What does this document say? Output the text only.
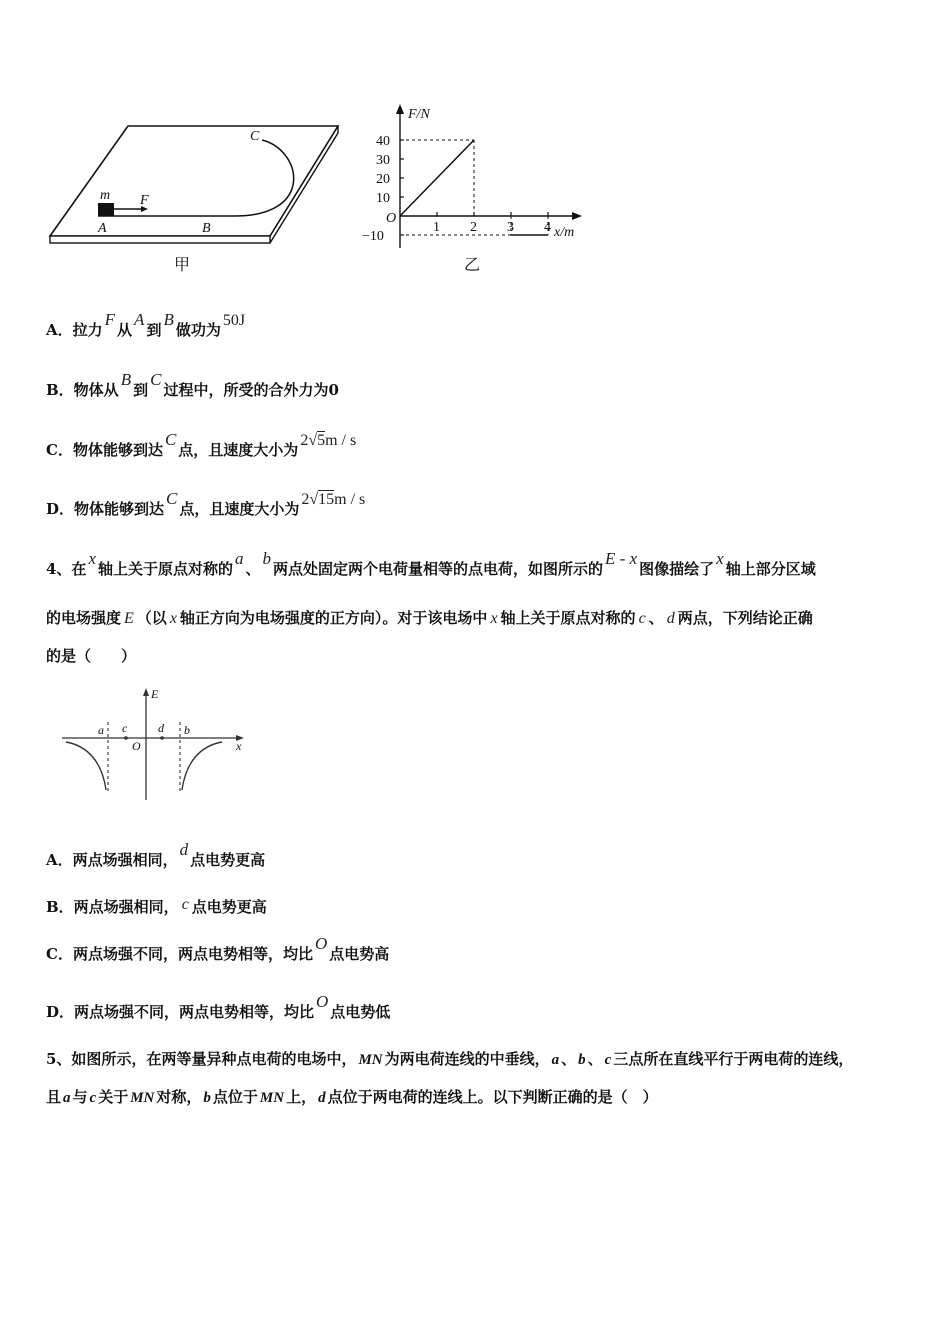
m F
A	B
C
甲
F/N
x/m
O
1 2 3 4
40
30
20
10
−10
乙
A．拉力F从A到B做功为50J
B．物体从B到C过程中，所受的合外力为0
C．物体能够到达C点，且速度大小为2√5m / s
D．物体能够到达C点，且速度大小为2√15m / s
4、在x轴上关于原点对称的a、b两点处固定两个电荷量相等的点电荷，如图所示的E - x图像描绘了x轴上部分区域
的电场强度 E （以 x 轴正方向为电场强度的正方向）。对于该电场中 x 轴上关于原点对称的 c 、 d 两点，下列结论正确
的是（　　）
E
x
O
a c	d b
A．两点场强相同，d点电势更高
B．两点场强相同， c 点电势更高
C．两点场强不同，两点电势相等，均比O点电势高
D．两点场强不同，两点电势相等，均比O点电势低
5、如图所示，在两等量异种点电荷的电场中， MN 为两电荷连线的中垂线， a 、 b 、 c 三点所在直线平行于两电荷的连线，
且 a 与 c 关于 MN 对称， b 点位于 MN 上， d 点位于两电荷的连线上。以下判断正确的是（　）
